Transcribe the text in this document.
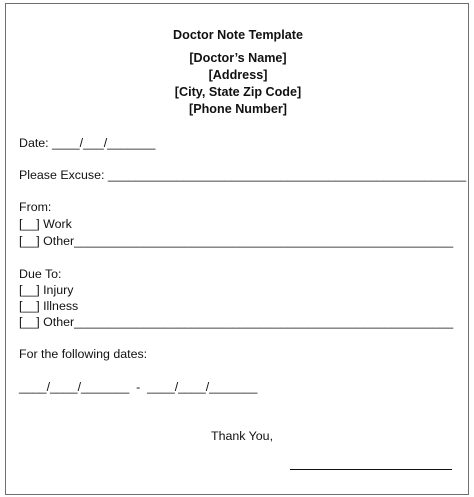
Doctor Note Template
[Doctor’s Name]
[Address]
[City, State Zip Code]
[Phone Number]
Date: ____/___/_______
Please Excuse: ____________________________________________________
From:
[__] Work
[__] Other_______________________________________________________
Due To:
[__] Injury
[__] Illness
[__] Other_______________________________________________________
For the following dates:
____/____/_______  -  ____/____/_______
Thank You,
